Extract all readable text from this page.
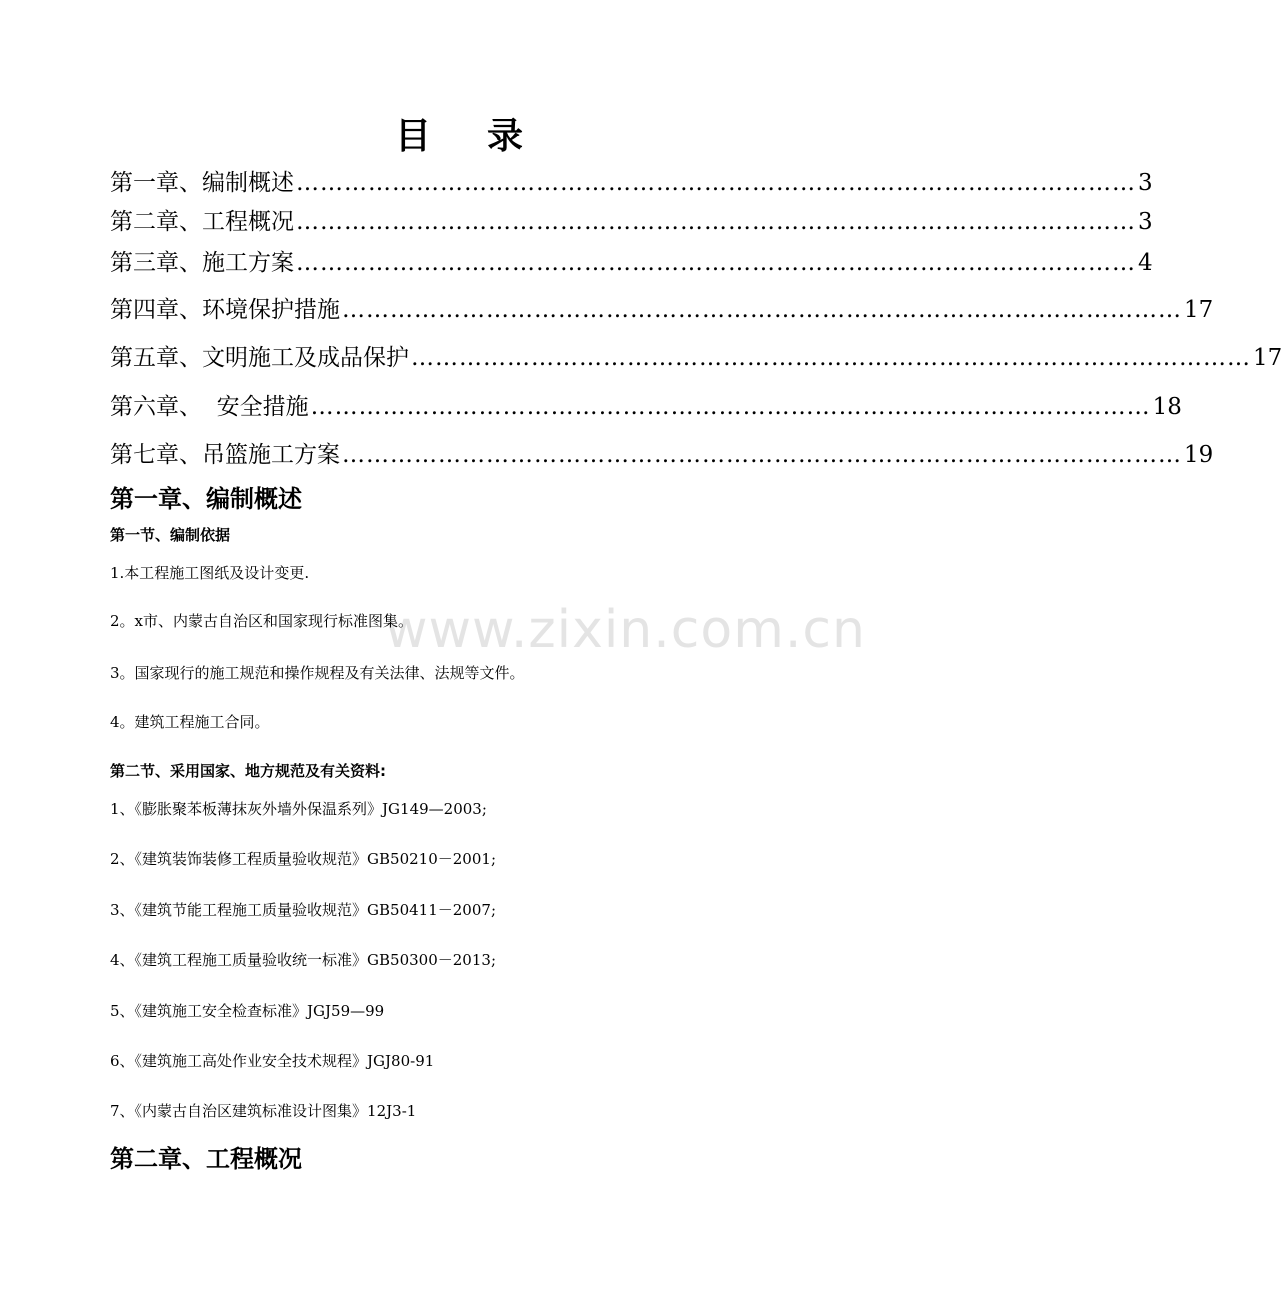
www.zixin.com.cn
目 录
第一章、编制概述 …………………………………………………………………………………………… 3
第二章、工程概况 …………………………………………………………………………………………… 3
第三章、施工方案 …………………………………………………………………………………………… 4
第四章、环境保护措施 …………………………………………………………………………………………… 17
第五章、文明施工及成品保护 …………………………………………………………………………………………… 17
第六章、  安全措施 …………………………………………………………………………………………… 18
第七章、吊篮施工方案 …………………………………………………………………………………………… 19
第一章、编制概述
第一节、编制依据
1.本工程施工图纸及设计变更.
2。x市、内蒙古自治区和国家现行标准图集。
3。国家现行的施工规范和操作规程及有关法律、法规等文件。
4。建筑工程施工合同。
第二节、采用国家、地方规范及有关资料:
1、《膨胀聚苯板薄抹灰外墙外保温系列》JG149—2003;
2、《建筑装饰装修工程质量验收规范》GB50210－2001;
3、《建筑节能工程施工质量验收规范》GB50411－2007;
4、《建筑工程施工质量验收统一标准》GB50300－2013;
5、《建筑施工安全检查标准》JGJ59—99
6、《建筑施工高处作业安全技术规程》JGJ80-91
7、《内蒙古自治区建筑标准设计图集》12J3-1
第二章、工程概况
